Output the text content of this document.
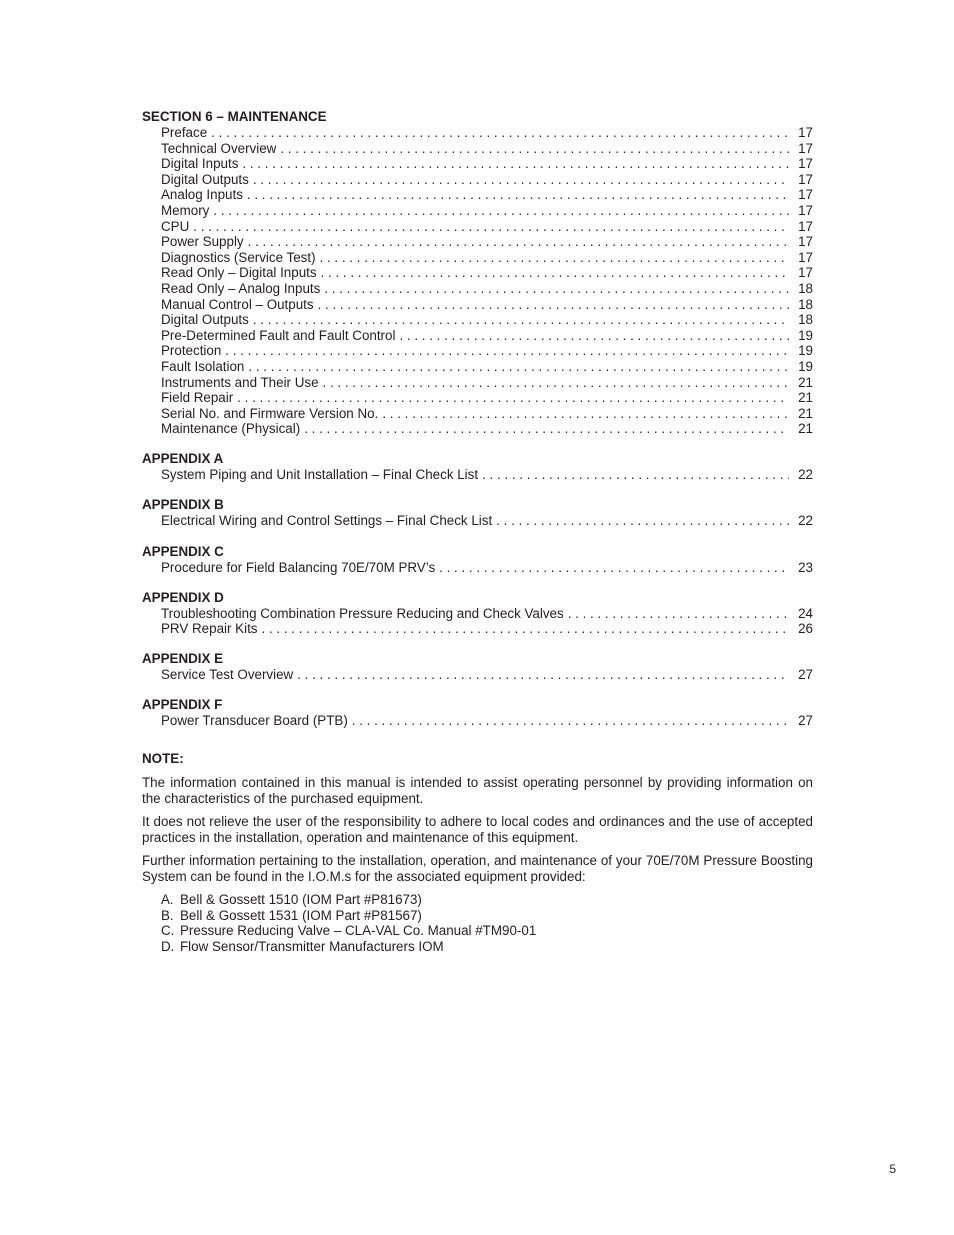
SECTION 6 – MAINTENANCE
Preface . . .	17
Technical Overview . . .	17
Digital Inputs . . .	17
Digital Outputs . . .	17
Analog Inputs . . .	17
Memory . . .	17
CPU . . .	17
Power Supply . . .	17
Diagnostics (Service Test) . . .	17
Read Only – Digital Inputs . . .	17
Read Only – Analog Inputs . . .	18
Manual Control – Outputs . . .	18
Digital Outputs . . .	18
Pre-Determined Fault and Fault Control . . .	19
Protection . . .	19
Fault Isolation . . .	19
Instruments and Their Use . . .	21
Field Repair . . .	21
Serial No. and Firmware Version No. . . .	21
Maintenance (Physical) . . .	21
APPENDIX A
System Piping and Unit Installation – Final Check List . . .	22
APPENDIX B
Electrical Wiring and Control Settings – Final Check List . . .	22
APPENDIX C
Procedure for Field Balancing 70E/70M PRV’s . . .	23
APPENDIX D
Troubleshooting Combination Pressure Reducing and Check Valves . . .	24
PRV Repair Kits . . .	26
APPENDIX E
Service Test Overview . . .	27
APPENDIX F
Power Transducer Board (PTB) . . .	27
NOTE:

The information contained in this manual is intended to assist operating personnel by providing information on the characteristics of the purchased equipment.

It does not relieve the user of the responsibility to adhere to local codes and ordinances and the use of accepted practices in the installation, operation and maintenance of this equipment.

Further information pertaining to the installation, operation, and maintenance of your 70E/70M Pressure Boosting System can be found in the I.O.M.s for the associated equipment provided:

A. Bell & Gossett 1510 (IOM Part #P81673)
B. Bell & Gossett 1531 (IOM Part #P81567)
C. Pressure Reducing Valve – CLA-VAL Co. Manual #TM90-01
D. Flow Sensor/Transmitter Manufacturers IOM
5
